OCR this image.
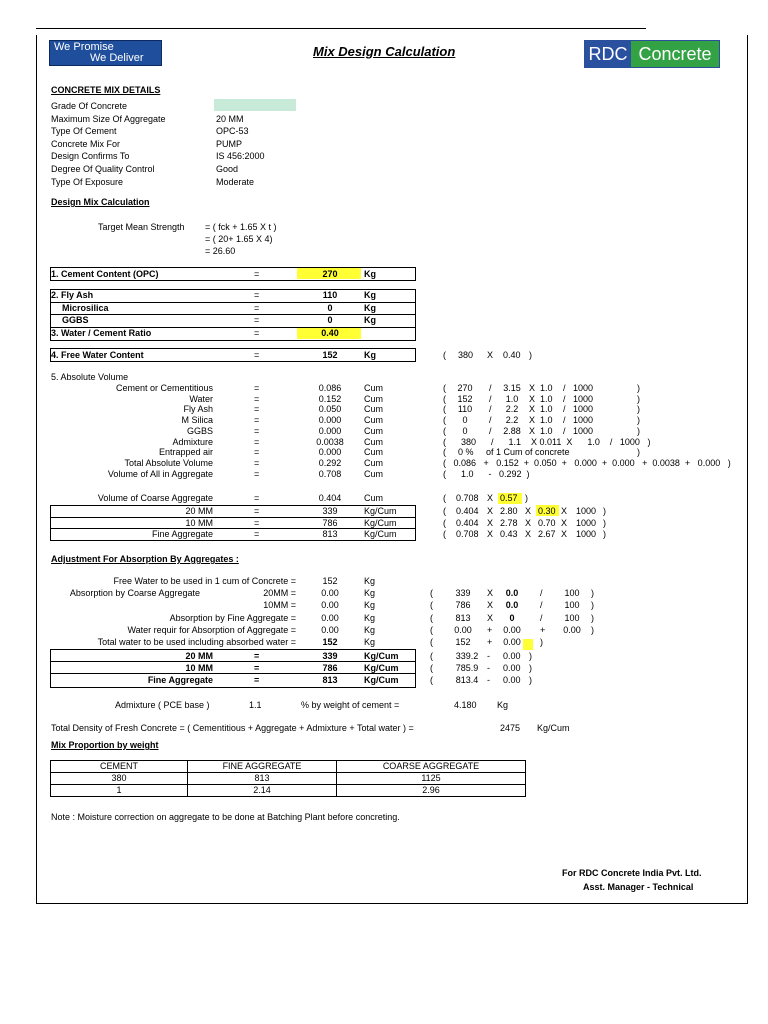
We Promise
We Deliver	Mix Design Calculation	RDC Concrete
CONCRETE MIX DETAILS
Grade Of Concrete
Maximum Size Of Aggregate	20 MM
Type Of Cement	OPC-53
Concrete Mix For	PUMP
Design Confirms To	IS 456:2000
Degree Of Quality Control	Good
Type Of Exposure	Moderate
Design Mix Calculation
Target Mean Strength = ( fck + 1.65 X t )
= ( 20+ 1.65 X 4)
= 26.60
1. Cement Content (OPC)	=	270	Kg
2. Fly Ash	=	110	Kg
Microsilica	=	0	Kg
GGBS	=	0	Kg
3. Water / Cement Ratio	=	0.40
4. Free Water Content	=	152	Kg	( 380 X 0.40 )
5. Absolute Volume
Cement or Cementitious	=	0.086	Cum	(	270	/	3.15 X 1.0 / 1000	)
Water	=	0.152	Cum	(	152	/	1.0	X 1.0 / 1000	)
Fly Ash	=	0.050	Cum	(	110	/	2.2	X 1.0 / 1000	)
M Silica	=	0.000	Cum	(	0	/	2.2	X 1.0 / 1000	)
GGBS	=	0.000	Cum	(	0	/	2.88 X 1.0 / 1000	)
Admixture	=	0.0038	Cum	(      380      /      1.1    X 0.011  X      1.0    /   1000   )
Entrapped air	=	0.000	Cum	( 0 % of 1 Cum of concrete	)
Total Absolute Volume	=	0.292	Cum	(   0.086   +   0.152  +  0.050  +   0.000  +  0.000   +  0.0038  +   0.000   )
Volume of All in Aggregate	=	0.708	Cum	(      1.0      -   0.292  )
Volume of Coarse Aggregate	=	0.404	Cum	( 0.708 X 0.57 )
20 MM	=	339	Kg/Cum	( 0.404 X 2.80 X 0.30 X 1000 )
10 MM	=	786	Kg/Cum	( 0.404 X 2.78 X 0.70 X 1000 )
Fine Aggregate	=	813	Kg/Cum	( 0.708 X 0.43 X 2.67 X 1000 )
Adjustment For Absorption By Aggregates :
Free Water to be used in 1 cum of Concrete =	152	Kg
Absorption by Coarse Aggregate	20MM =	0.00	Kg	(	339	X	0.0	/	100	)
10MM =	0.00	Kg	(	786	X	0.0	/	100	)
Absorption by Fine Aggregate =	0.00	Kg	(	813	X	0	/	100	)
Water requir for Absorption of Aggregate =	0.00	Kg	(	0.00	+	0.00	+	0.00	)
Total water to be used including absorbed water =	152	Kg	(	152	+	0.00	)
20 MM	=	339	Kg/Cum	(	339.2 - 0.00 )
10 MM	=	786	Kg/Cum	(	785.9 - 0.00 )
Fine Aggregate	=	813	Kg/Cum	(	813.4 - 0.00 )
Admixture ( PCE base )	1.1	% by weight of cement =	4.180 Kg
Total Density of Fresh Concrete = ( Cementitious + Aggregate + Admixture + Total water ) =	2475 Kg/Cum
Mix Proportion by weight
CEMENT	FINE AGGREGATE	COARSE AGGREGATE
380	813	1125
1	2.14	2.96
Note : Moisture correction on aggregate to be done at Batching Plant before concreting.
For RDC Concrete India Pvt. Ltd.
Asst. Manager - Technical
